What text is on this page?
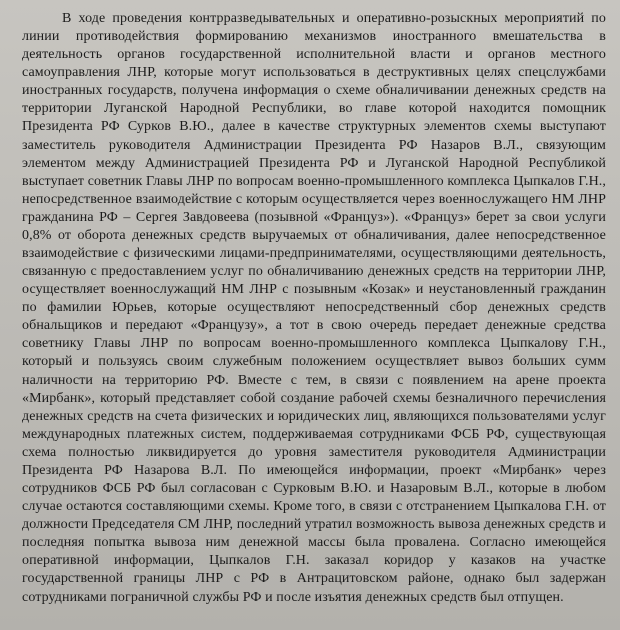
В ходе проведения контрразведывательных и оперативно-розыскных мероприятий по линии противодействия формированию механизмов иностранного вмешательства в деятельность органов государственной исполнительной власти и органов местного самоуправления ЛНР, которые могут использоваться в деструктивных целях спецслужбами иностранных государств, получена информация о схеме обналичивании денежных средств на территории Луганской Народной Республики, во главе которой находится помощник Президента РФ Сурков В.Ю., далее в качестве структурных элементов схемы выступают заместитель руководителя Администрации Президента РФ Назаров В.Л., связующим элементом между Администрацией Президента РФ и Луганской Народной Республикой выступает советник Главы ЛНР по вопросам военно-промышленного комплекса Цыпкалов Г.Н., непосредственное взаимодействие с которым осуществляется через военнослужащего НМ ЛНР гражданина РФ – Сергея Завдовеева (позывной «Француз»). «Француз» берет за свои услуги 0,8% от оборота денежных средств выручаемых от обналичивания, далее непосредственное взаимодействие с физическими лицами-предпринимателями, осуществляющими деятельность, связанную с предоставлением услуг по обналичиванию денежных средств на территории ЛНР, осуществляет военнослужащий НМ ЛНР с позывным «Козак» и неустановленный гражданин по фамилии Юрьев, которые осуществляют непосредственный сбор денежных средств обнальщиков и передают «Французу», а тот в свою очередь передает денежные средства советнику Главы ЛНР по вопросам военно-промышленного комплекса Цыпкалову Г.Н., который и пользуясь своим служебным положением осуществляет вывоз больших сумм наличности на территорию РФ. Вместе с тем, в связи с появлением на арене проекта «Мирбанк», который представляет собой создание рабочей схемы безналичного перечисления денежных средств на счета физических и юридических лиц, являющихся пользователями услуг международных платежных систем, поддерживаемая сотрудниками ФСБ РФ, существующая схема полностью ликвидируется до уровня заместителя руководителя Администрации Президента РФ Назарова В.Л. По имеющейся информации, проект «Мирбанк» через сотрудников ФСБ РФ был согласован с Сурковым В.Ю. и Назаровым В.Л., которые в любом случае остаются составляющими схемы. Кроме того, в связи с отстранением Цыпкалова Г.Н. от должности Председателя СМ ЛНР, последний утратил возможность вывоза денежных средств и последняя попытка вывоза ним денежной массы была провалена. Согласно имеющейся оперативной информации, Цыпкалов Г.Н. заказал коридор у казаков на участке государственной границы ЛНР с РФ в Антрацитовском районе, однако был задержан сотрудниками пограничной службы РФ и после изъятия денежных средств был отпущен.
